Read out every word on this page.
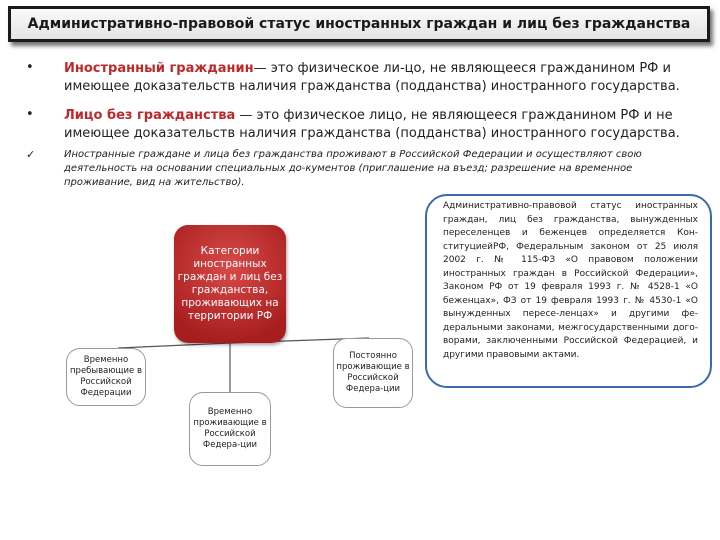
Административно-правовой статус иностранных граждан и лиц без гражданства
•	Иностранный гражданин— это физическое ли-цо, не являющееся гражданином РФ и имеющее доказательств наличия гражданства (подданства) иностранного государства.
•	Лицо без гражданства — это физическое лицо, не являющееся гражданином РФ и не имеющее доказательств наличия гражданства (подданства) иностранного государства.
✓	Иностранные граждане и лица без гражданства проживают в Российской Федерации и осуществляют свою деятельность на основании специальных до-кументов (приглашение на въезд; разрешение на временное проживание, вид на жительство).
Административно-правовой статус иностранных граждан, лиц без гражданства, вынужденных переселенцев и беженцев определяется Кон-ституциейРФ, Федеральным законом от 25 июля 2002 г. № 115-ФЗ «О правовом положении иностранных граждан в Российской Федерации», Законом РФ от 19 февраля 1993 г. № 4528-1 «О беженцах», ФЗ от 19 февраля 1993 г. № 4530-1 «О вынужденных пересе-ленцах» и другими фе-деральными законами, межгосударственными дого-ворами, заключенными Российской Федерацией, и другими правовыми актами.
Категории иностранных граждан и лиц без гражданства, проживающих на территории РФ
Временно пребывающие в Российской Федерации
Временно проживающие в Российской Федера-ции
Постоянно проживающие в Российской Федера-ции
